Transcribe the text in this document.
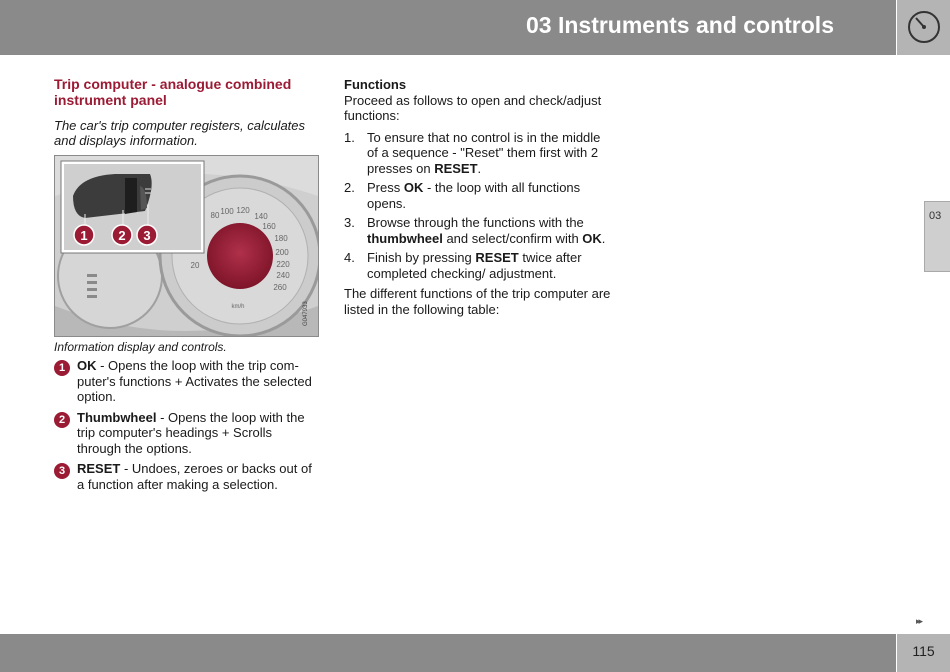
03 Instruments and controls
03
Trip computer - analogue combined instrument panel
The car's trip computer registers, calculates and displays information.
20
80 100 120
140
160
180
200
220
240
260
km/h	G047933
1 2 3
Information display and controls.
1 OK - Opens the loop with the trip com-puter's functions + Activates the selected option.
2 Thumbwheel - Opens the loop with the trip computer's headings + Scrolls through the options.
3 RESET - Undoes, zeroes or backs out of a function after making a selection.
Functions
Proceed as follows to open and check/adjust functions:
1. To ensure that no control is in the middle of a sequence - "Reset" them first with 2 presses on RESET.
2. Press OK - the loop with all functions opens.
3. Browse through the functions with the thumbwheel and select/confirm with OK.
4. Finish by pressing RESET twice after completed checking/ adjustment.
The different functions of the trip computer are listed in the following table:
▸▸
115
